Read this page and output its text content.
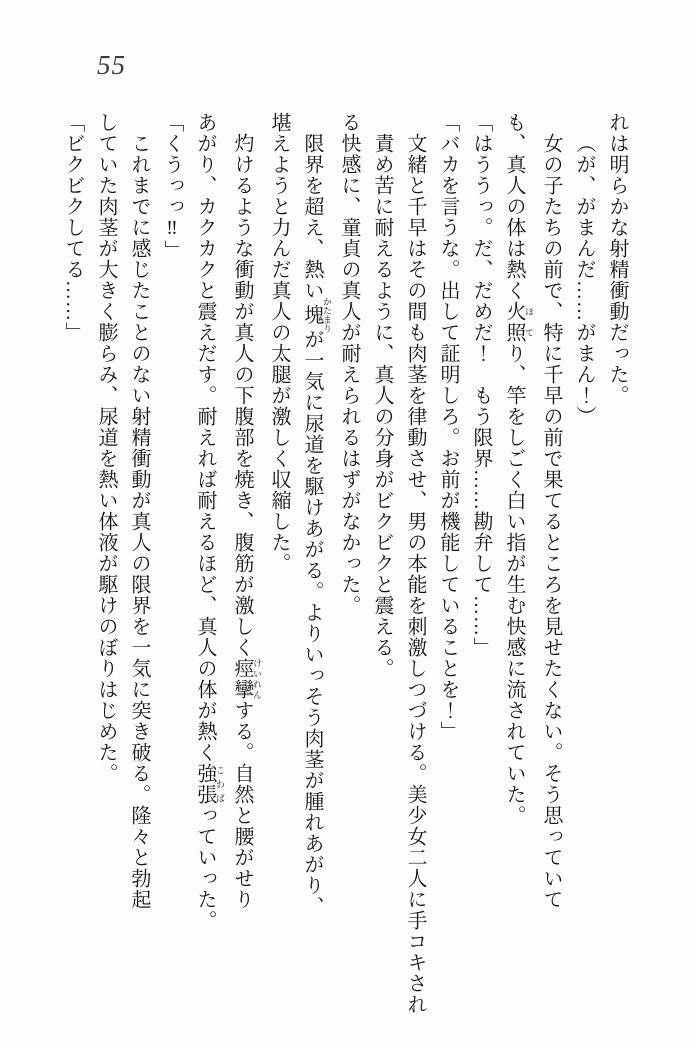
55
れは明らかな射精衝動だった。
（が、がまんだ……がまん！）
女の子たちの前で、特に千早の前で果てるところを見せたくない。そう思っていて
も、真人の体は熱く火照 ほてり、竿をしごく白い指が生む快感に流されていた。
「はううっ。だ、だめだ！　もう限界……勘弁して……」
「バカを言うな。出して証明しろ。お前が機能していることを！」
文緒と千早はその間も肉茎を律動させ、男の本能を刺激しつづける。美少女二人に手コキされ
責め苦に耐えるように、真人の分身がビクビクと震える。
る快感に、童貞の真人が耐えられるはずがなかった。
限界を超え、熱い塊 かたまりが一気に尿道を駆けあがる。よりいっそう肉茎が腫れあがり、
堪えようと力んだ真人の太腿が激しく収縮した。
灼けるような衝動が真人の下腹部を焼き、腹筋が激しく痙攣 けいれんする。自然と腰がせり
あがり、カクカクと震えだす。耐えれば耐えるほど、真人の体が熱く強張 こわばっていった。
「くうっっ‼」
これまでに感じたことのない射精衝動が真人の限界を一気に突き破る。隆々と勃起
していた肉茎が大きく膨らみ、尿道を熱い体液が駆けのぼりはじめた。
「ビクビクしてる……」
